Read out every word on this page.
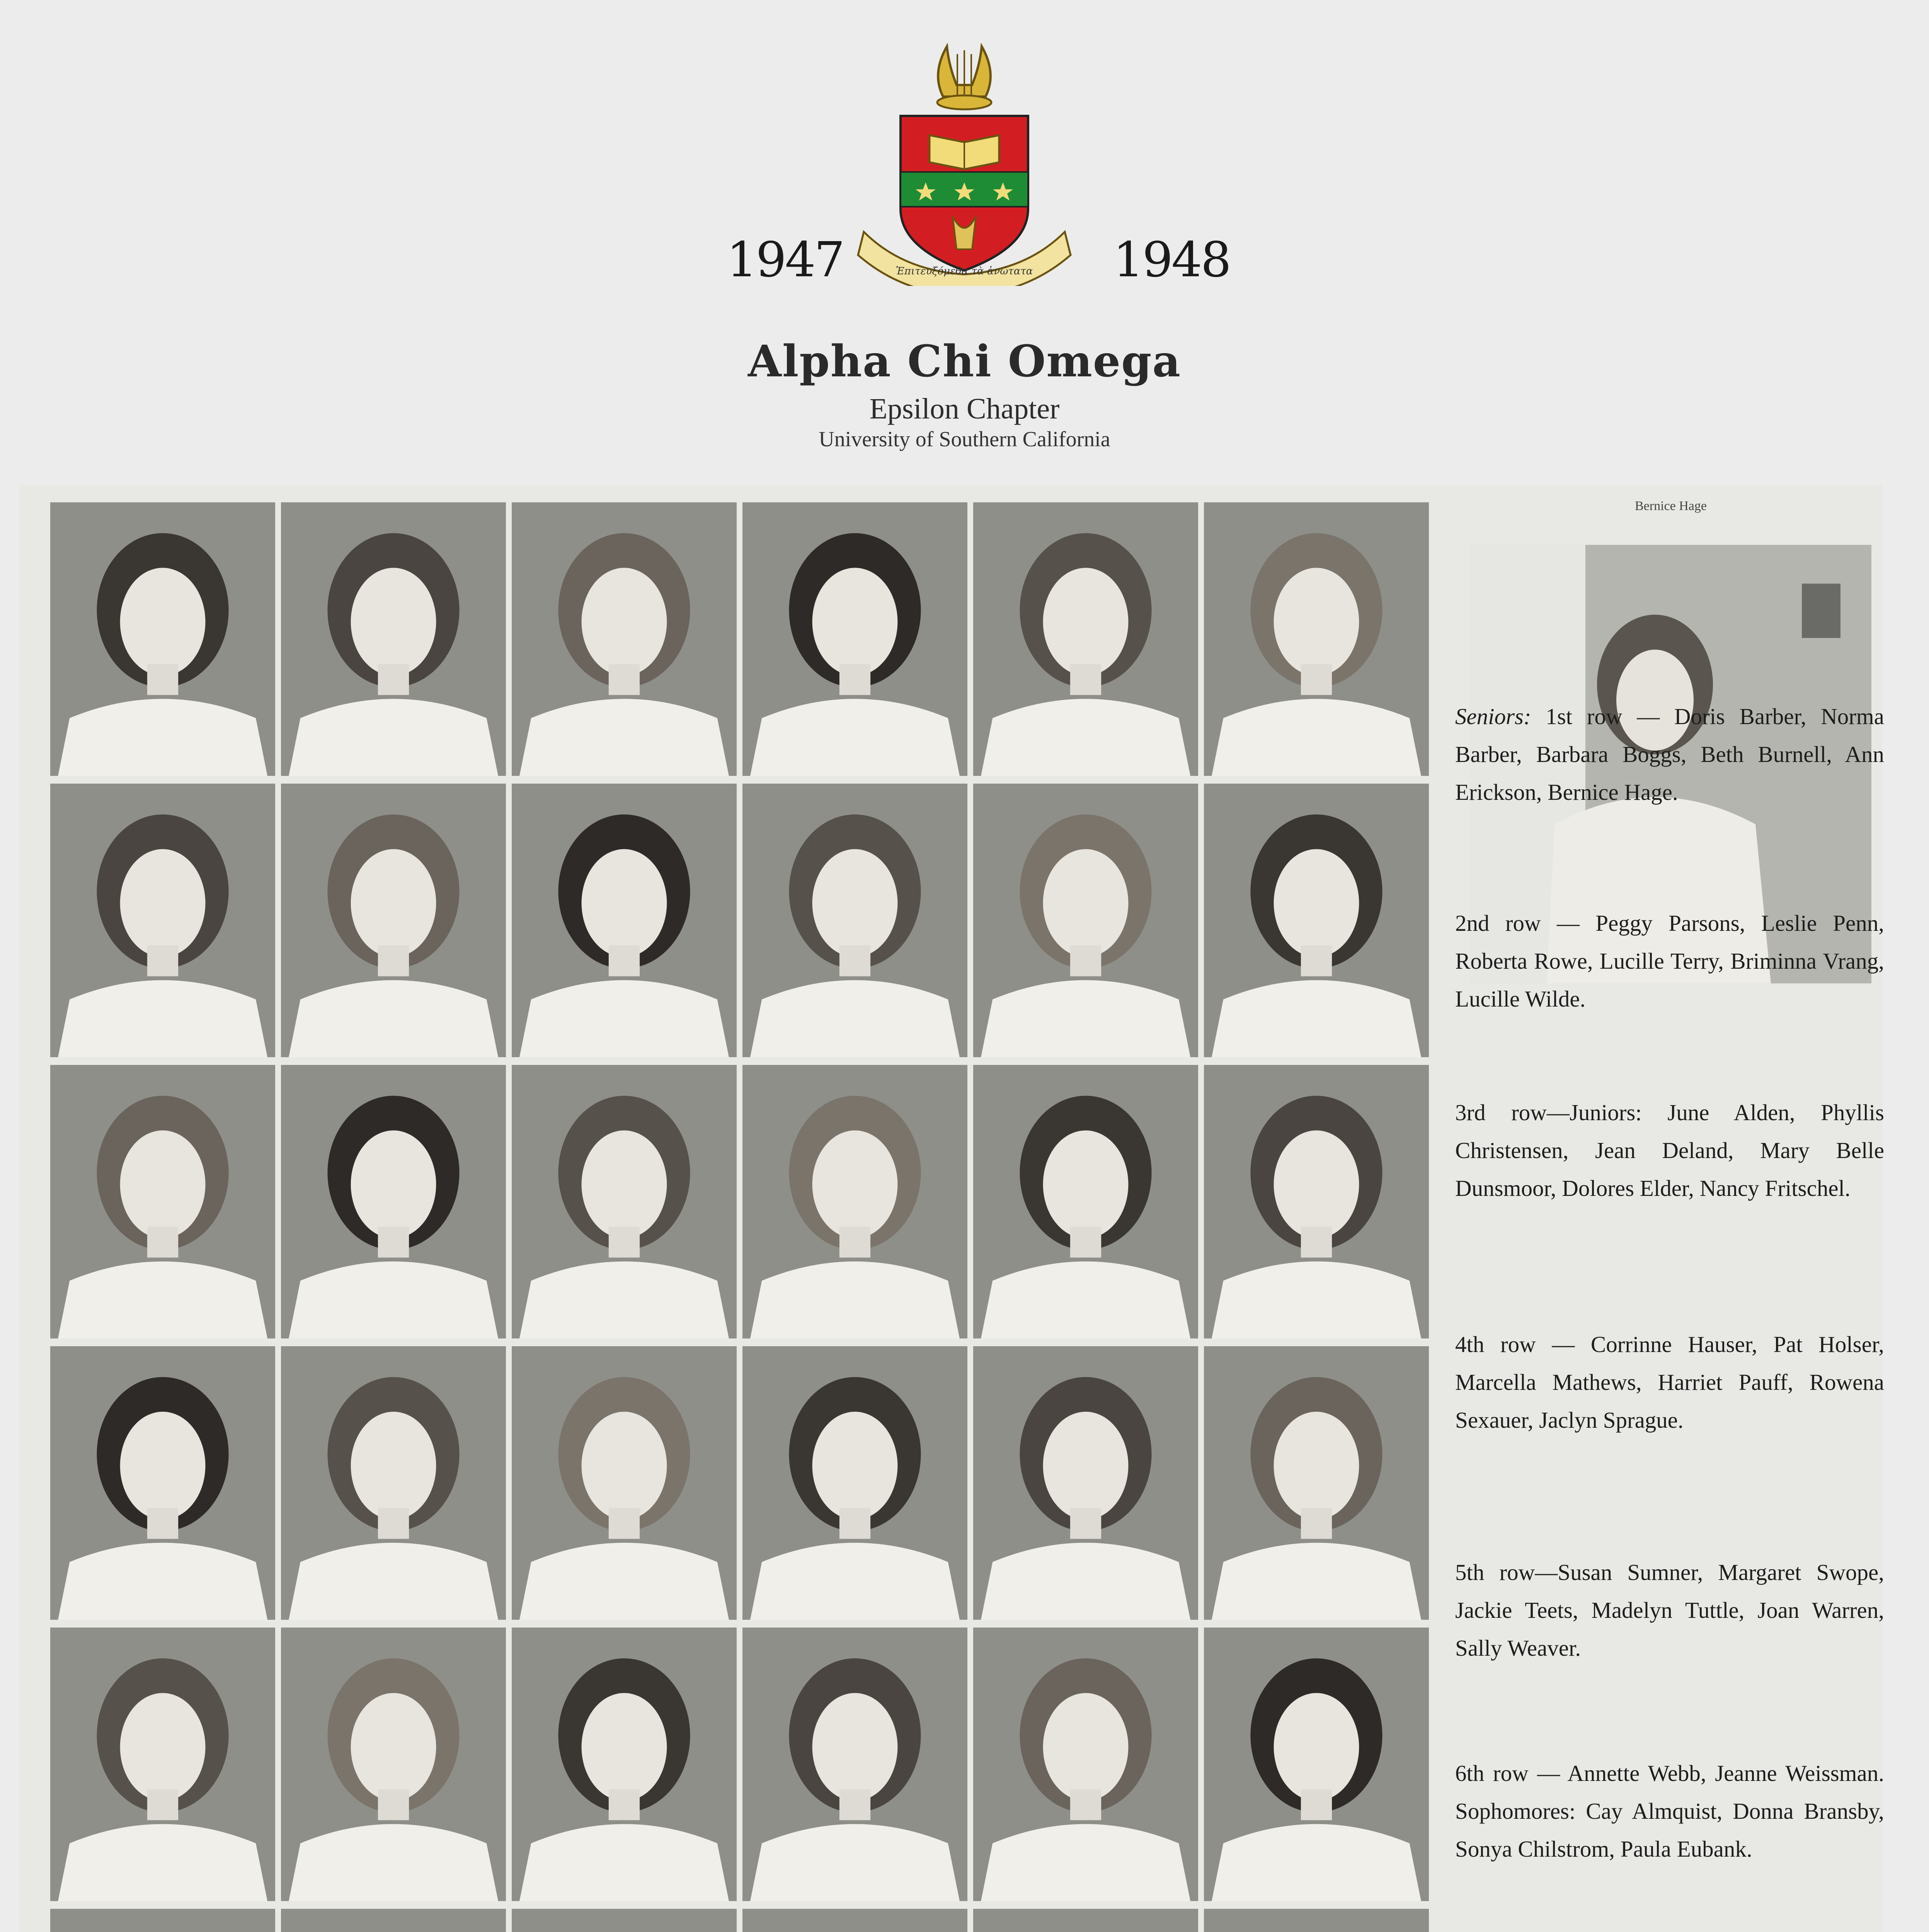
Ἐπιτευξόμεθα τὰ ἀνώτατα
1947	1948
Alpha Chi Omega
Epsilon Chapter
University of Southern California
Bernice Hage
Seniors: 1st row — Doris Barber, Norma Barber, Barbara Boggs, Beth Burnell, Ann Erickson, Bernice Hage.
2nd row — Peggy Parsons, Leslie Penn, Roberta Rowe, Lucille Terry, Briminna Vrang, Lucille Wilde.
3rd row—Juniors: June Alden, Phyllis Christensen, Jean Deland, Mary Belle Dunsmoor, Dolores Elder, Nancy Fritschel.
4th row — Corrinne Hauser, Pat Holser, Marcella Mathews, Harriet Pauff, Rowena Sexauer, Jaclyn Sprague.
5th row—Susan Sumner, Margaret Swope, Jackie Teets, Madelyn Tuttle, Joan Warren, Sally Weaver.
6th row — Annette Webb, Jeanne Weissman. Sophomores: Cay Almquist, Donna Bransby, Sonya Chilstrom, Paula Eubank.
